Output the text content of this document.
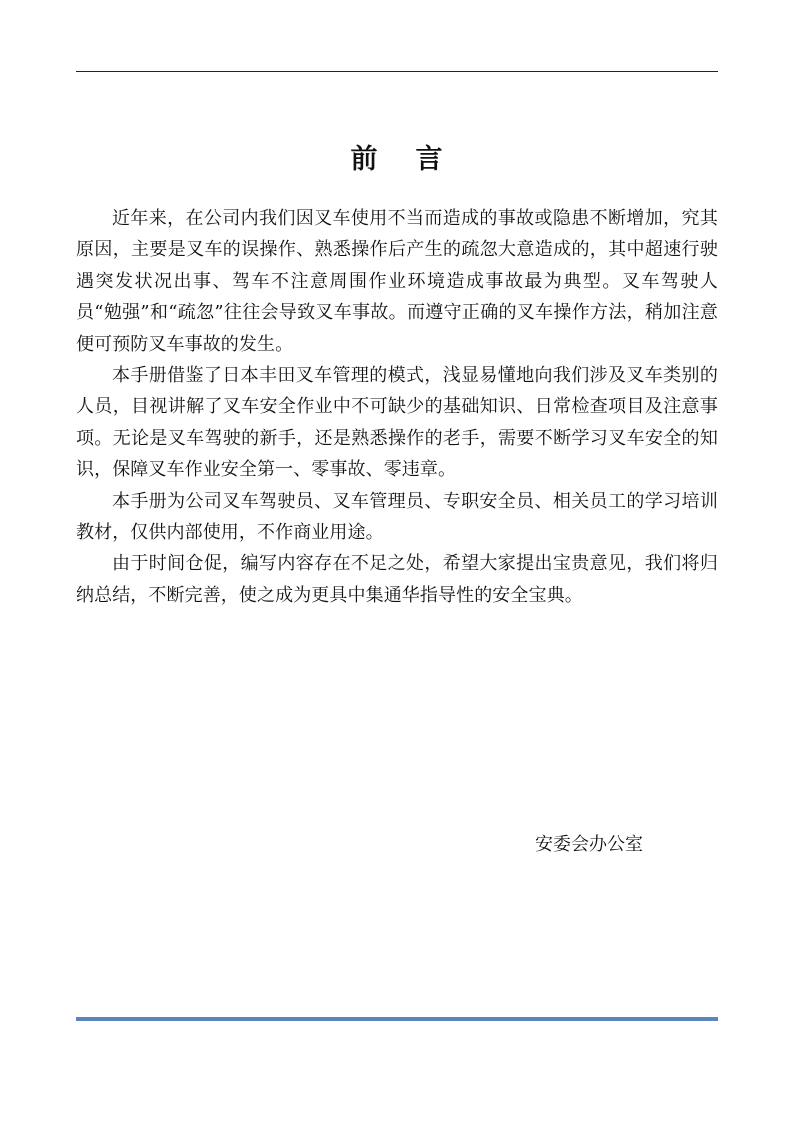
前 言

近年来，在公司内我们因叉车使用不当而造成的事故或隐患不断增加，究其原因，主要是叉车的误操作、熟悉操作后产生的疏忽大意造成的，其中超速行驶遇突发状况出事、驾车不注意周围作业环境造成事故最为典型。叉车驾驶人员“勉强”和“疏忽”往往会导致叉车事故。而遵守正确的叉车操作方法，稍加注意便可预防叉车事故的发生。

本手册借鉴了日本丰田叉车管理的模式，浅显易懂地向我们涉及叉车类别的人员，目视讲解了叉车安全作业中不可缺少的基础知识、日常检查项目及注意事项。无论是叉车驾驶的新手，还是熟悉操作的老手，需要不断学习叉车安全的知识，保障叉车作业安全第一、零事故、零违章。

本手册为公司叉车驾驶员、叉车管理员、专职安全员、相关员工的学习培训教材，仅供内部使用，不作商业用途。

由于时间仓促，编写内容存在不足之处，希望大家提出宝贵意见，我们将归纳总结，不断完善，使之成为更具中集通华指导性的安全宝典。

安委会办公室
